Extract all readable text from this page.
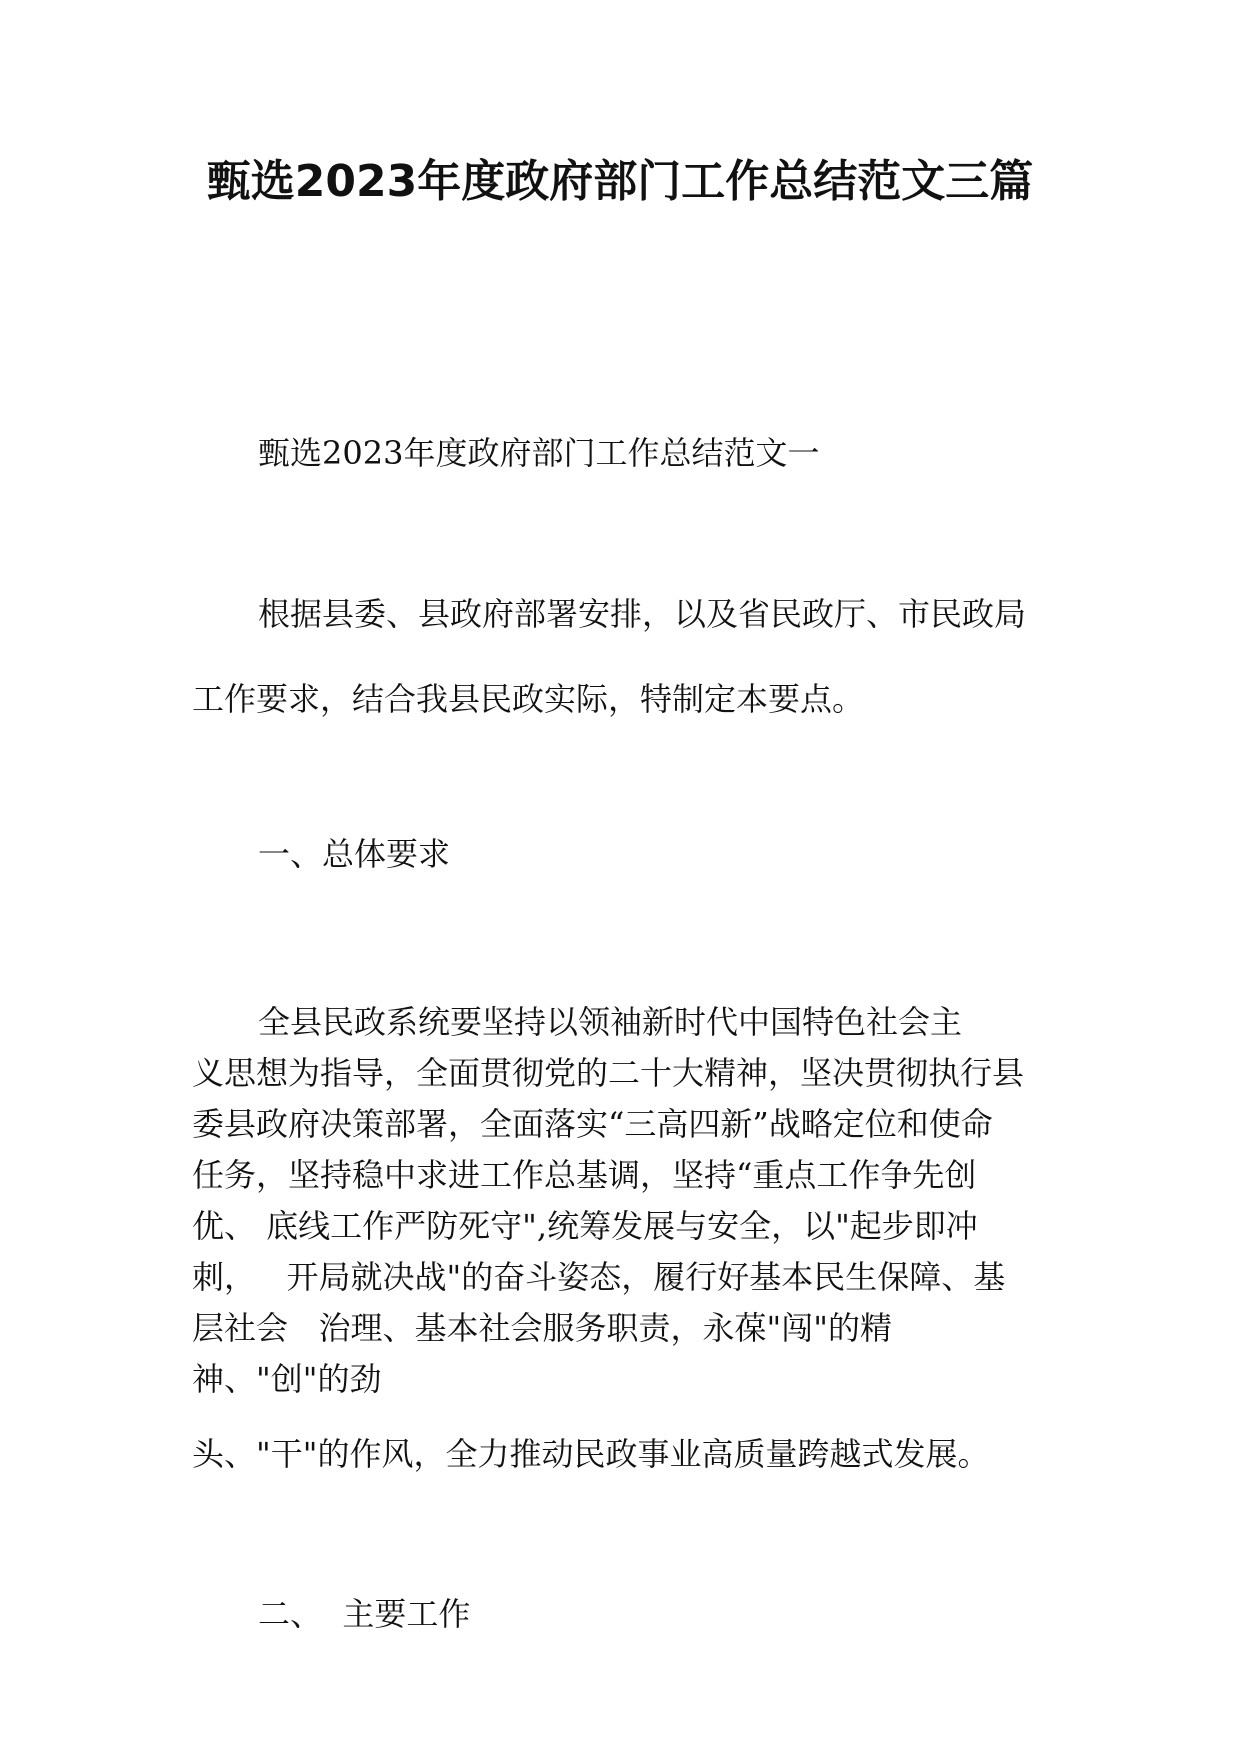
甄选2023年度政府部门工作总结范文三篇
甄选2023年度政府部门工作总结范文一
根据县委、县政府部署安排，以及省民政厅、市民政局
工作要求，结合我县民政实际，特制定本要点。
一、总体要求
全县民政系统要坚持以领袖新时代中国特色社会主
义思想为指导，全面贯彻党的二十大精神，坚决贯彻执行县
委县政府决策部署，全面落实“三高四新”战略定位和使命
任务，坚持稳中求进工作总基调，坚持“重点工作争先创
优、 底线工作严防死守",统筹发展与安全，以"起步即冲
刺，   开局就决战"的奋斗姿态，履行好基本民生保障、基
层社会   治理、基本社会服务职责，永葆"闯"的精
神、"创"的劲
头、"干"的作风，全力推动民政事业高质量跨越式发展。
二、  主要工作
